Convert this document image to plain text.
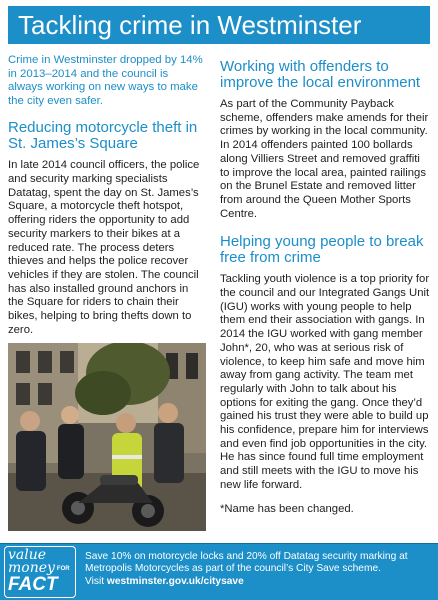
Tackling crime in Westminster

Crime in Westminster dropped by 14% in 2013–2014 and the council is always working on new ways to make the city even safer.

Reducing motorcycle theft in St. James’s Square

In late 2014 council officers, the police and security marking specialists Datatag, spent the day on St. James’s Square, a motorcycle theft hotspot, offering riders the opportunity to add security markers to their bikes at a reduced rate. The process deters thieves and helps the police recover vehicles if they are stolen. The council has also installed ground anchors in the Square for riders to chain their bikes, helping to bring thefts down to zero.

Working with offenders to improve the local environment

As part of the Community Payback scheme, offenders make amends for their crimes by working in the local community. In 2014 offenders painted 100 bollards along Villiers Street and removed graffiti to improve the local area, painted railings on the Brunel Estate and removed litter from around the Queen Mother Sports Centre.

Helping young people to break free from crime

Tackling youth violence is a top priority for the council and our Integrated Gangs Unit (IGU) works with young people to help them end their association with gangs. In 2014 the IGU worked with gang member John*, 20, who was at serious risk of violence, to keep him safe and move him away from gang activity. The team met regularly with John to talk about his options for exiting the gang. Once they’d gained his trust they were able to build up his confidence, prepare him for interviews and even find job opportunities in the city. He has since found full time employment and still meets with the IGU to move his new life forward.

*Name has been changed.

value
money FOR
FACT
Save 10% on motorcycle locks and 20% off Datatag security marking at Metropolis Motorcycles as part of the council’s City Save scheme.
Visit westminster.gov.uk/citysave
